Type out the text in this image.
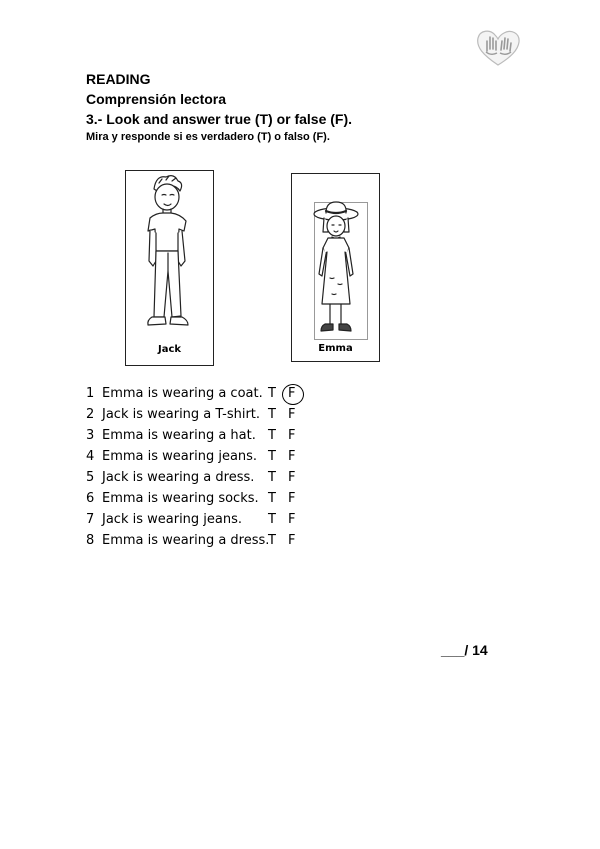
READING
Comprensión lectora
3.- Look and answer true (T) or false (F).
Mira y responde si es verdadero (T) o falso (F).
Jack	Emma
1 Emma is wearing a coat. T F
2 Jack is wearing a T-shirt. T F
3 Emma is wearing a hat. T F
4 Emma is wearing jeans. T F
5 Jack is wearing a dress. T F
6 Emma is wearing socks. T F
7 Jack is wearing jeans. T F
8 Emma is wearing a dress.
T F
___/ 14
